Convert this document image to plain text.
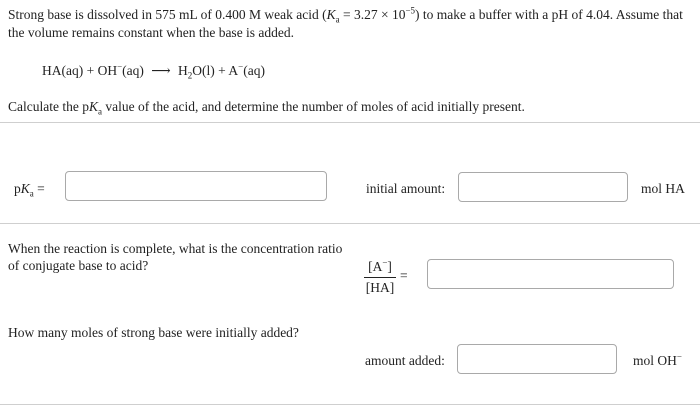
Strong base is dissolved in 575 mL of 0.400 M weak acid $(K_a = 3.27 \times 10^{-5})$ to make a buffer with a pH of 4.04. Assume that
the volume remains constant when the base is added.
HA(aq) + OH−(aq) ⟶ $H_2O(l) + A^-(aq)$
Calculate the $pK_a$ value of the acid, and determine the number of moles of acid initially present.
$pK_a$ =	initial amount:	mol HA
When the reaction is complete, what is the concentration ratio
of conjugate base to acid?	[A−]
[HA]
=
How many moles of strong base were initially added?
amount added:	mol OH−
